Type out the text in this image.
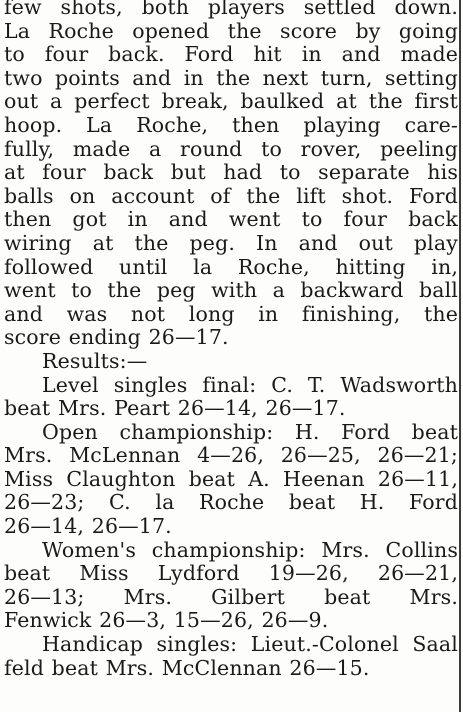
few shots, both players settled down.
La Roche opened the score by going
to four back. Ford hit in and made
two points and in the next turn, setting
out a perfect break, baulked at the first
hoop. La Roche, then playing care-
fully, made a round to rover, peeling
at four back but had to separate his
balls on account of the lift shot. Ford
then got in and went to four back
wiring at the peg. In and out play
followed until la Roche, hitting in,
went to the peg with a backward ball
and was not long in finishing, the
score ending 26—17.
Results:—
Level singles final: C. T. Wadsworth
beat Mrs. Peart 26—14, 26—17.
Open championship: H. Ford beat
Mrs. McLennan 4—26, 26—25, 26—21;
Miss Claughton beat A. Heenan 26—11,
26—23; C. la Roche beat H. Ford
26—14, 26—17.
Women's championship: Mrs. Collins
beat Miss Lydford 19—26, 26—21,
26—13; Mrs. Gilbert beat Mrs.
Fenwick 26—3, 15—26, 26—9.
Handicap singles: Lieut.-Colonel Saal
feld beat Mrs. McClennan 26—15.
